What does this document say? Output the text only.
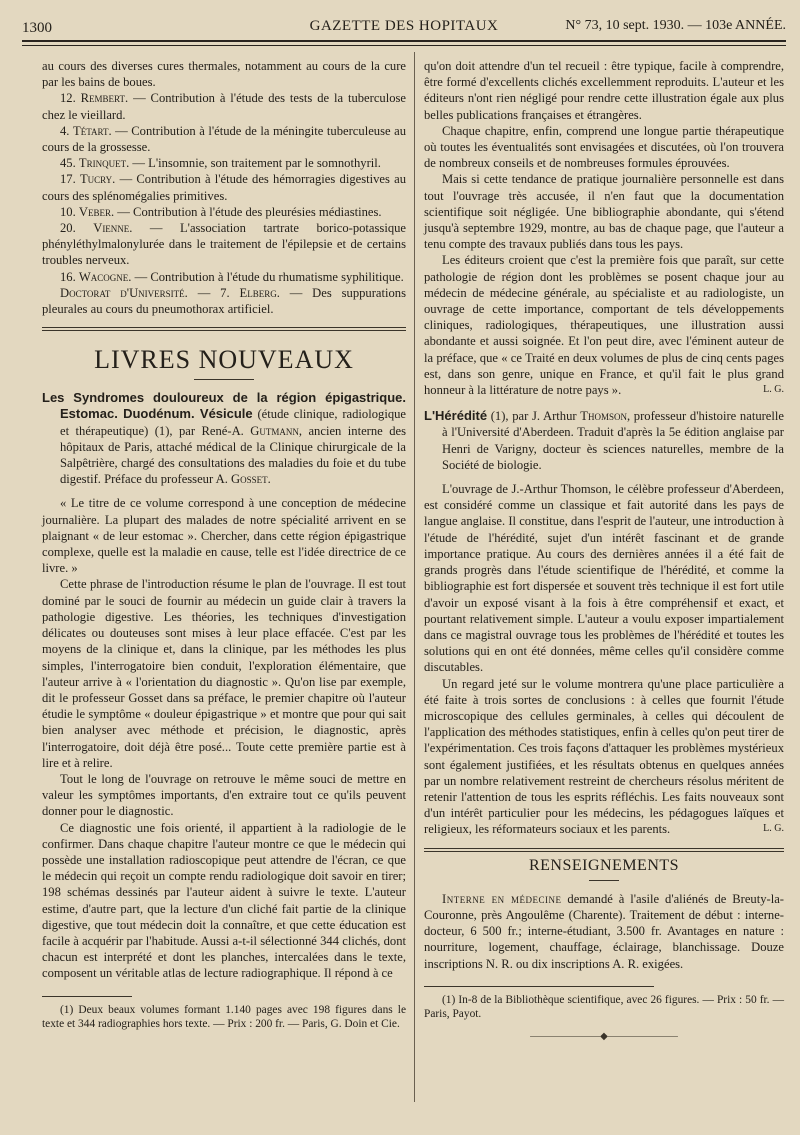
1300	GAZETTE DES HOPITAUX	N° 73, 10 sept. 1930. — 103e ANNÉE.

au cours des diverses cures thermales, notamment au cours de la cure par les bains de boues.

12. Rembert. — Contribution à l'étude des tests de la tuberculose chez le vieillard.

4. Tétart. — Contribution à l'étude de la méningite tuberculeuse au cours de la grossesse.

45. Trinquet. — L'insomnie, son traitement par le somnothyril.

17. Tucry. — Contribution à l'étude des hémorragies digestives au cours des splénomégalies primitives.

10. Veber. — Contribution à l'étude des pleurésies médiastines.

20. Vienne. — L'association tartrate borico-potassique phényléthylmalonylurée dans le traitement de l'épilepsie et de certains troubles nerveux.

16. Wacogne. — Contribution à l'étude du rhumatisme syphilitique.

Doctorat d'Université. — 7. Elberg. — Des suppurations pleurales au cours du pneumothorax artificiel.

LIVRES NOUVEAUX

Les Syndromes douloureux de la région épigastrique. Estomac. Duodénum. Vésicule (étude clinique, radiologique et thérapeutique) (1), par René-A. Gutmann, ancien interne des hôpitaux de Paris, attaché médical de la Clinique chirurgicale de la Salpêtrière, chargé des consultations des maladies du foie et du tube digestif. Préface du professeur A. Gosset.

« Le titre de ce volume correspond à une conception de médecine journalière. La plupart des malades de notre spécialité arrivent en se plaignant « de leur estomac ». Chercher, dans cette région épigastrique complexe, quelle est la maladie en cause, telle est l'idée directrice de ce livre. »

Cette phrase de l'introduction résume le plan de l'ouvrage. Il est tout dominé par le souci de fournir au médecin un guide clair à travers la pathologie digestive. Les théories, les techniques d'investigation délicates ou douteuses sont mises à leur place effacée. C'est par les moyens de la clinique et, dans la clinique, par les méthodes les plus simples, l'interrogatoire bien conduit, l'exploration élémentaire, que l'auteur arrive à « l'orientation du diagnostic ». Qu'on lise par exemple, dit le professeur Gosset dans sa préface, le premier chapitre où l'auteur étudie le symptôme « douleur épigastrique » et montre que pour qui sait bien analyser avec méthode et précision, le diagnostic, après l'interrogatoire, doit déjà être posé... Toute cette première partie est à lire et à relire.

Tout le long de l'ouvrage on retrouve le même souci de mettre en valeur les symptômes importants, d'en extraire tout ce qu'ils peuvent donner pour le diagnostic.

Ce diagnostic une fois orienté, il appartient à la radiologie de le confirmer. Dans chaque chapitre l'auteur montre ce que le médecin qui possède une installation radioscopique peut attendre de l'écran, ce que le médecin qui reçoit un compte rendu radiologique doit savoir en tirer; 198 schémas dessinés par l'auteur aident à suivre le texte. L'auteur estime, d'autre part, que la lecture d'un cliché fait partie de la clinique digestive, que tout médecin doit la connaître, et que cette éducation est facile à acquérir par l'habitude. Aussi a-t-il sélectionné 344 clichés, dont chacun est interprété et dont les planches, intercalées dans le texte, composent un véritable atlas de lecture radiographique. Il répond à ce

(1) Deux beaux volumes formant 1.140 pages avec 198 figures dans le texte et 344 radiographies hors texte. — Prix : 200 fr. — Paris, G. Doin et Cie.

qu'on doit attendre d'un tel recueil : être typique, facile à comprendre, être formé d'excellents clichés excellemment reproduits. L'auteur et les éditeurs n'ont rien négligé pour rendre cette illustration égale aux plus belles publications françaises et étrangères.

Chaque chapitre, enfin, comprend une longue partie thérapeutique où toutes les éventualités sont envisagées et discutées, où l'on trouvera de nombreux conseils et de nombreuses formules éprouvées.

Mais si cette tendance de pratique journalière personnelle est dans tout l'ouvrage très accusée, il n'en faut que la documentation scientifique soit négligée. Une bibliographie abondante, qui s'étend jusqu'à septembre 1929, montre, au bas de chaque page, que l'auteur a tenu compte des travaux publiés dans tous les pays.

Les éditeurs croient que c'est la première fois que paraît, sur cette pathologie de région dont les problèmes se posent chaque jour au médecin de médecine générale, au spécialiste et au radiologiste, un ouvrage de cette importance, comportant de tels développements cliniques, radiologiques, thérapeutiques, une illustration aussi abondante et aussi soignée. Et l'on peut dire, avec l'éminent auteur de la préface, que « ce Traité en deux volumes de plus de cinq cents pages est, dans son genre, unique en France, et qu'il fait le plus grand honneur à la littérature de notre pays ».	L. G.

L'Hérédité (1), par J. Arthur Thomson, professeur d'histoire naturelle à l'Université d'Aberdeen. Traduit d'après la 5e édition anglaise par Henri de Varigny, docteur ès sciences naturelles, membre de la Société de biologie.

L'ouvrage de J.-Arthur Thomson, le célèbre professeur d'Aberdeen, est considéré comme un classique et fait autorité dans les pays de langue anglaise. Il constitue, dans l'esprit de l'auteur, une introduction à l'étude de l'hérédité, sujet d'un intérêt fascinant et de grande importance pratique. Au cours des dernières années il a été fait de grands progrès dans l'étude scientifique de l'hérédité, et comme la bibliographie est fort dispersée et souvent très technique il est fort utile d'avoir un exposé visant à la fois à être compréhensif et exact, et pourtant relativement simple. L'auteur a voulu exposer impartialement dans ce magistral ouvrage tous les problèmes de l'hérédité et toutes les solutions qui en ont été données, même celles qu'il considère comme discutables.

Un regard jeté sur le volume montrera qu'une place particulière a été faite à trois sortes de conclusions : à celles que fournit l'étude microscopique des cellules germinales, à celles qui découlent de l'application des méthodes statistiques, enfin à celles qu'on peut tirer de l'expérimentation. Ces trois façons d'attaquer les problèmes mystérieux sont également justifiées, et les résultats obtenus en quelques années par un nombre relativement restreint de chercheurs résolus méritent de retenir l'attention de tous les esprits réfléchis. Les faits nouveaux sont d'un intérêt particulier pour les médecins, les pédagogues laïques et religieux, les réformateurs sociaux et les parents.	L. G.

RENSEIGNEMENTS

Interne en médecine demandé à l'asile d'aliénés de Breuty-la-Couronne, près Angoulême (Charente). Traitement de début : interne-docteur, 6 500 fr.; interne-étudiant, 3.500 fr. Avantages en nature : nourriture, logement, chauffage, éclairage, blanchissage. Douze inscriptions N. R. ou dix inscriptions A. R. exigées.

(1) In-8 de la Bibliothèque scientifique, avec 26 figures. — Prix : 50 fr. — Paris, Payot.

———————◆———————
